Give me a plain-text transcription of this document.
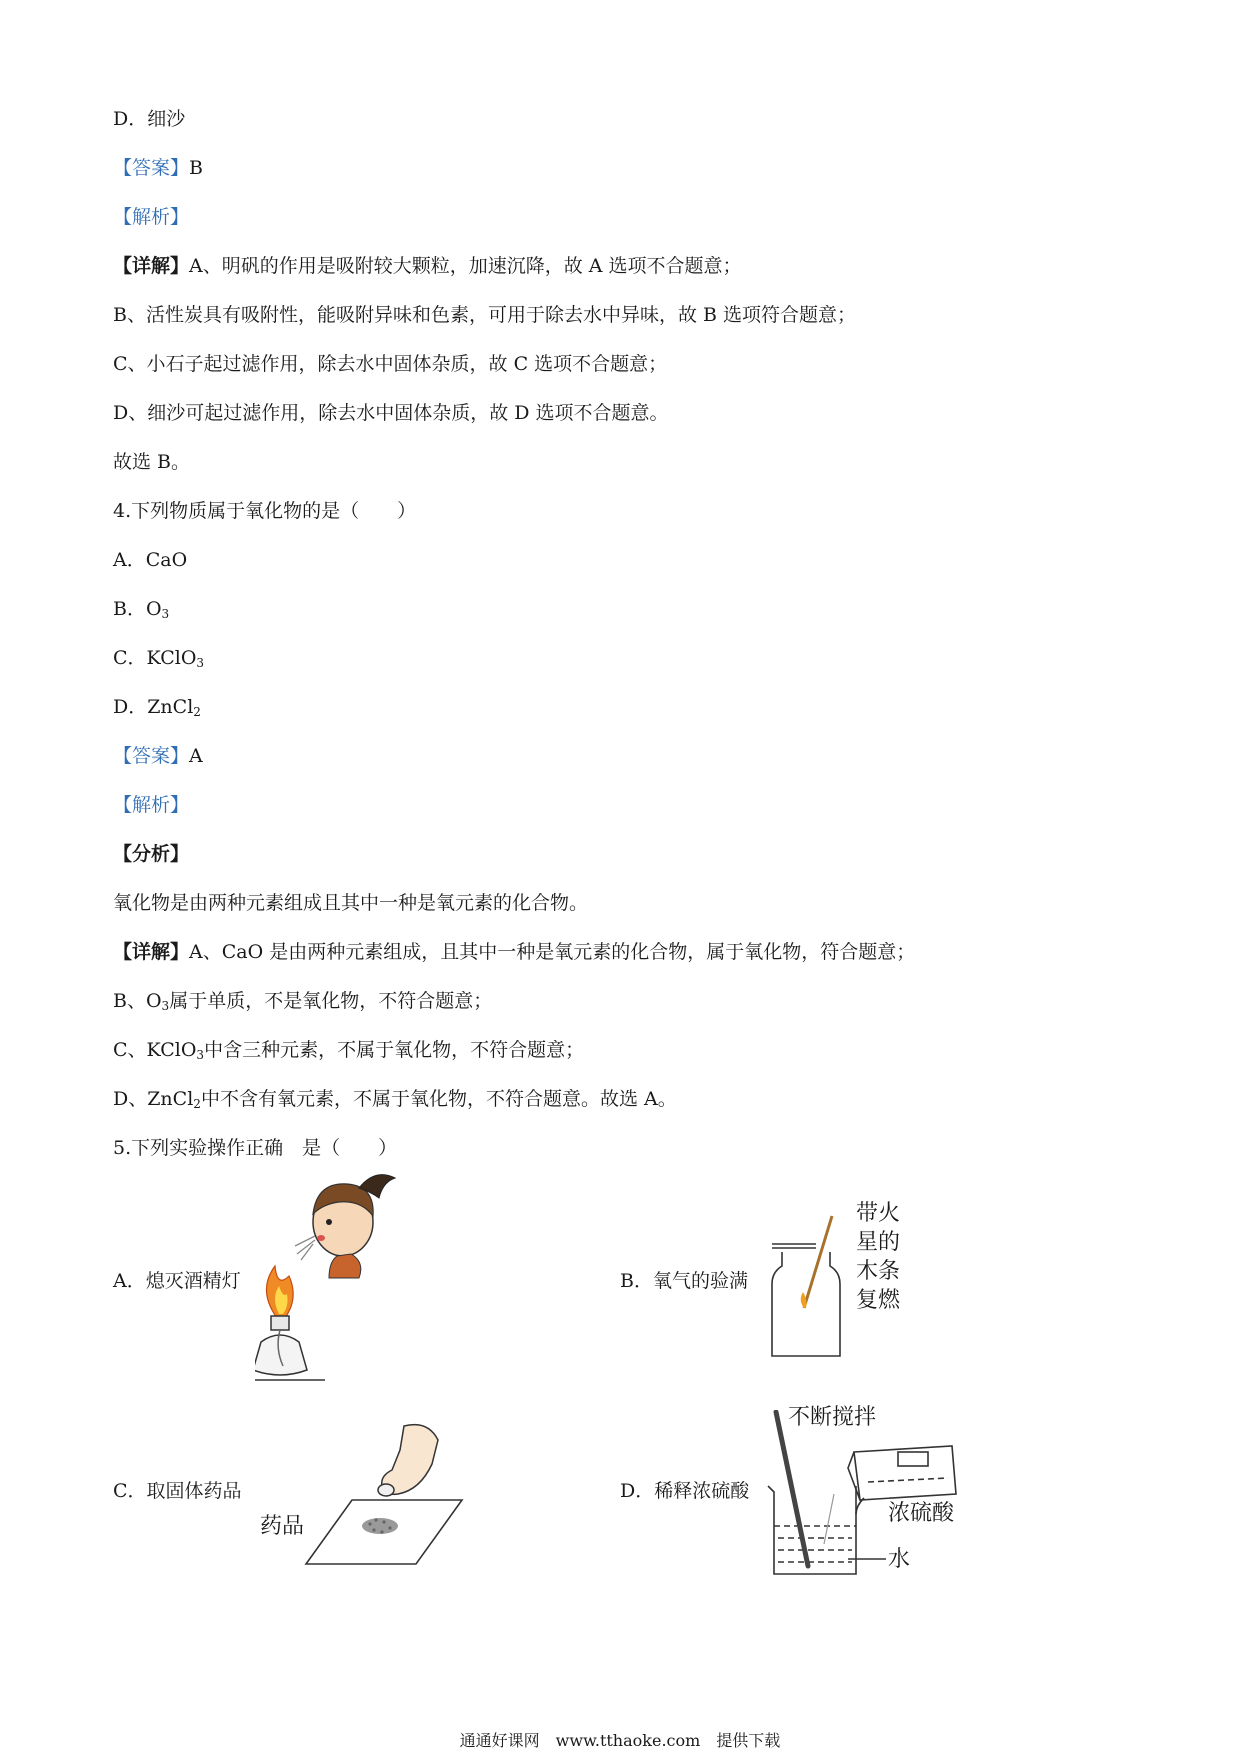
D．细沙
【答案】B
【解析】
【详解】A、明矾的作用是吸附较大颗粒，加速沉降，故 A 选项不合题意；
B、活性炭具有吸附性，能吸附异味和色素，可用于除去水中异味，故 B 选项符合题意；
C、小石子起过滤作用，除去水中固体杂质，故 C 选项不合题意；
D、细沙可起过滤作用，除去水中固体杂质，故 D 选项不合题意。
故选 B。
4.下列物质属于氧化物的是（　　）
A．CaO
B．$O_3$
C．KClO$_3$
D．ZnCl$_2$
【答案】A
【解析】
【分析】
氧化物是由两种元素组成且其中一种是氧元素的化合物。
【详解】A、CaO 是由两种元素组成，且其中一种是氧元素的化合物，属于氧化物，符合题意；
B、$O_3$属于单质，不是氧化物，不符合题意；
C、KClO$_3$中含三种元素，不属于氧化物，不符合题意；
D、ZnCl$_2$中不含有氧元素，不属于氧化物，不符合题意。故选 A。
5.下列实验操作正确　是（　　）
A．熄灭酒精灯	B．氧气的验满
带火
星的
木条
复燃
C．取固体药品
药品
D．稀释浓硫酸
不断搅拌
浓硫酸
水
通通好课网　www.tthaoke.com　提供下载
